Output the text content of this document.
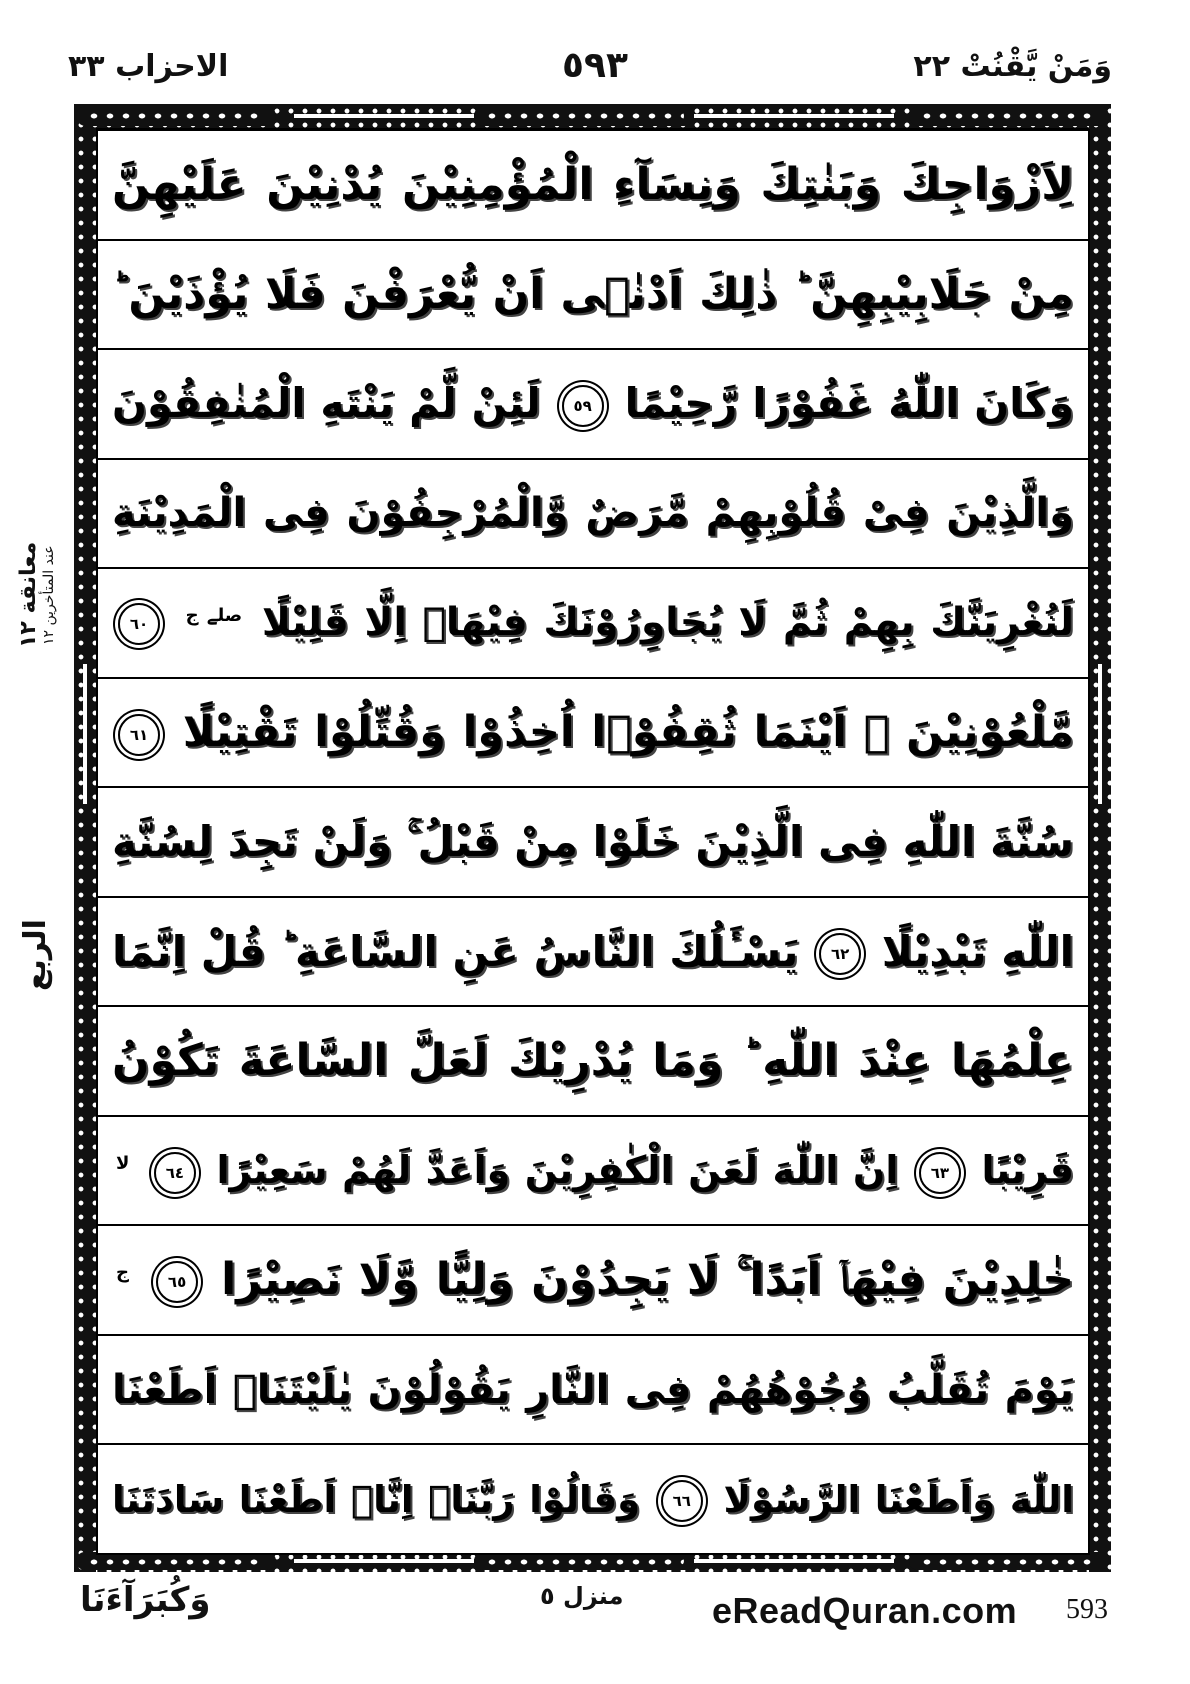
الاحزاب ٣٣	٥٩٣	وَمَنْ يَّقْنُتْ ٢٢
لِاَزْوَاجِكَ وَبَنٰتِكَ وَنِسَآءِ الْمُؤْمِنِيْنَ يُدْنِيْنَ عَلَيْهِنَّ
مِنْ جَلَابِيْبِهِنَّ ؕ ذٰلِكَ اَدْنٰۤى اَنْ يُّعْرَفْنَ فَلَا يُؤْذَيْنَ ؕ
وَكَانَ اللّٰهُ غَفُوْرًا رَّحِيْمًا ٥٩ لَئِنْ لَّمْ يَنْتَهِ الْمُنٰفِقُوْنَ
وَالَّذِيْنَ فِىْ قُلُوْبِهِمْ مَّرَضٌ وَّالْمُرْجِفُوْنَ فِى الْمَدِيْنَةِ
لَنُغْرِيَنَّكَ بِهِمْ ثُمَّ لَا يُجَاوِرُوْنَكَ فِيْهَاۤ اِلَّا قَلِيْلًا $^{صلے ج}$ ٦٠
مَّلْعُوْنِيْنَ ۛ اَيْنَمَا ثُقِفُوْۤا اُخِذُوْا وَقُتِّلُوْا تَقْتِيْلًا ٦١
سُنَّةَ اللّٰهِ فِى الَّذِيْنَ خَلَوْا مِنْ قَبْلُ ۚ وَلَنْ تَجِدَ لِسُنَّةِ
اللّٰهِ تَبْدِيْلًا ٦٢ يَسْـَٔلُكَ النَّاسُ عَنِ السَّاعَةِ ؕ قُلْ اِنَّمَا
عِلْمُهَا عِنْدَ اللّٰهِ ؕ وَمَا يُدْرِيْكَ لَعَلَّ السَّاعَةَ تَكُوْنُ
قَرِيْبًا ٦٣ اِنَّ اللّٰهَ لَعَنَ الْكٰفِرِيْنَ وَاَعَدَّ لَهُمْ سَعِيْرًا ٦٤ $^{لا}$
خٰلِدِيْنَ فِيْهَاۤ اَبَدًا ۚ لَا يَجِدُوْنَ وَلِيًّا وَّلَا نَصِيْرًا ٦٥ $^ج$
يَوْمَ تُقَلَّبُ وُجُوْهُهُمْ فِى النَّارِ يَقُوْلُوْنَ يٰلَيْتَنَاۤ اَطَعْنَا
اللّٰهَ وَاَطَعْنَا الرَّسُوْلَا ٦٦ وَقَالُوْا رَبَّنَاۤ اِنَّاۤ اَطَعْنَا سَادَتَنَا
معانقة ١٢
عند المتأخرين ١٢
الربع
وَكُبَرَآءَنَا	منزل ٥ eReadQuran.com 593
